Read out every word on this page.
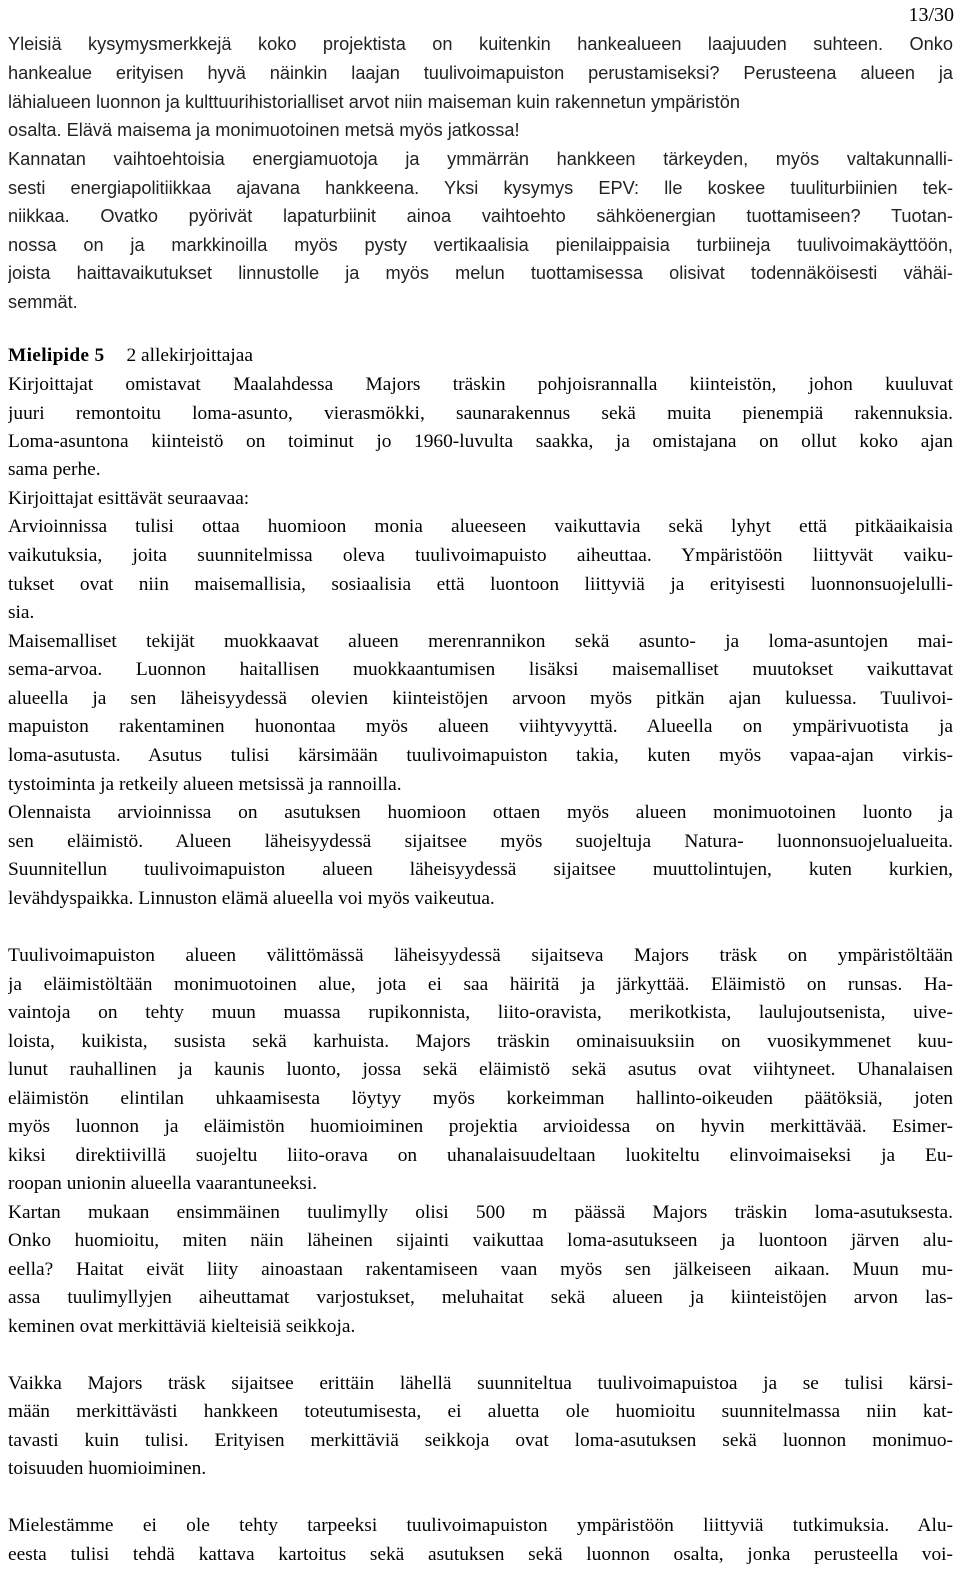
13/30
Yleisiä kysymysmerkkejä koko projektista on kuitenkin hankealueen laajuuden suhteen. Onko
hankealue erityisen hyvä näinkin laajan tuulivoimapuiston perustamiseksi? Perusteena alueen ja
lähialueen luonnon ja kulttuurihistorialliset arvot niin maiseman kuin rakennetun ympäristön
osalta. Elävä maisema ja monimuotoinen metsä myös jatkossa!
Kannatan vaihtoehtoisia energiamuotoja ja ymmärrän hankkeen tärkeyden, myös valtakunnalli-
sesti energiapolitiikkaa ajavana hankkeena. Yksi kysymys EPV: lle koskee tuuliturbiinien tek-
niikkaa. Ovatko pyörivät lapaturbiinit ainoa vaihtoehto sähköenergian tuottamiseen? Tuotan-
nossa on ja markkinoilla myös pysty vertikaalisia pienilaippaisia turbiineja tuulivoimakäyttöön,
joista haittavaikutukset linnustolle ja myös melun tuottamisessa olisivat todennäköisesti vähäi-
semmät.
Kirjoittajat omistavat Maalahdessa Majors träskin pohjoisrannalla kiinteistön, johon kuuluvat
juuri remontoitu loma-asunto, vierasmökki, saunarakennus sekä muita pienempiä rakennuksia.
Loma-asuntona kiinteistö on toiminut jo 1960-luvulta saakka, ja omistajana on ollut koko ajan
sama perhe.
Kirjoittajat esittävät seuraavaa:
Arvioinnissa tulisi ottaa huomioon monia alueeseen vaikuttavia sekä lyhyt että pitkäaikaisia
vaikutuksia, joita suunnitelmissa oleva tuulivoimapuisto aiheuttaa. Ympäristöön liittyvät vaiku-
tukset ovat niin maisemallisia, sosiaalisia että luontoon liittyviä ja erityisesti luonnonsuojelulli-
sia.
Maisemalliset tekijät muokkaavat alueen merenrannikon sekä asunto- ja loma-asuntojen mai-
sema-arvoa. Luonnon haitallisen muokkaantumisen lisäksi maisemalliset muutokset vaikuttavat
alueella ja sen läheisyydessä olevien kiinteistöjen arvoon myös pitkän ajan kuluessa. Tuulivoi-
mapuiston rakentaminen huonontaa myös alueen viihtyvyyttä. Alueella on ympärivuotista ja
loma-asutusta. Asutus tulisi kärsimään tuulivoimapuiston takia, kuten myös vapaa-ajan virkis-
tystoiminta ja retkeily alueen metsissä ja rannoilla.
Olennaista arvioinnissa on asutuksen huomioon ottaen myös alueen monimuotoinen luonto ja
sen eläimistö. Alueen läheisyydessä sijaitsee myös suojeltuja Natura- luonnonsuojelualueita.
Suunnitellun tuulivoimapuiston alueen läheisyydessä sijaitsee muuttolintujen, kuten kurkien,
levähdyspaikka. Linnuston elämä alueella voi myös vaikeutua.
Tuulivoimapuiston alueen välittömässä läheisyydessä sijaitseva Majors träsk on ympäristöltään
ja eläimistöltään monimuotoinen alue, jota ei saa häiritä ja järkyttää. Eläimistö on runsas. Ha-
vaintoja on tehty muun muassa rupikonnista, liito-oravista, merikotkista, laulujoutsenista, uive-
loista, kuikista, susista sekä karhuista. Majors träskin ominaisuuksiin on vuosikymmenet kuu-
lunut rauhallinen ja kaunis luonto, jossa sekä eläimistö sekä asutus ovat viihtyneet. Uhanalaisen
eläimistön elintilan uhkaamisesta löytyy myös korkeimman hallinto-oikeuden päätöksiä, joten
myös luonnon ja eläimistön huomioiminen projektia arvioidessa on hyvin merkittävää. Esimer-
kiksi direktiivillä suojeltu liito-orava on uhanalaisuudeltaan luokiteltu elinvoimaiseksi ja Eu-
roopan unionin alueella vaarantuneeksi.
Kartan mukaan ensimmäinen tuulimylly olisi 500 m päässä Majors träskin loma-asutuksesta.
Onko huomioitu, miten näin läheinen sijainti vaikuttaa loma-asutukseen ja luontoon järven alu-
eella? Haitat eivät liity ainoastaan rakentamiseen vaan myös sen jälkeiseen aikaan. Muun mu-
assa tuulimyllyjen aiheuttamat varjostukset, meluhaitat sekä alueen ja kiinteistöjen arvon las-
keminen ovat merkittäviä kielteisiä seikkoja.
Vaikka Majors träsk sijaitsee erittäin lähellä suunniteltua tuulivoimapuistoa ja se tulisi kärsi-
mään merkittävästi hankkeen toteutumisesta, ei aluetta ole huomioitu suunnitelmassa niin kat-
tavasti kuin tulisi. Erityisen merkittäviä seikkoja ovat loma-asutuksen sekä luonnon monimuo-
toisuuden huomioiminen.
Mielestämme ei ole tehty tarpeeksi tuulivoimapuiston ympäristöön liittyviä tutkimuksia. Alu-
eesta tulisi tehdä kattava kartoitus sekä asutuksen sekä luonnon osalta, jonka perusteella voi-
Mielipide 5 2 allekirjoittajaa
